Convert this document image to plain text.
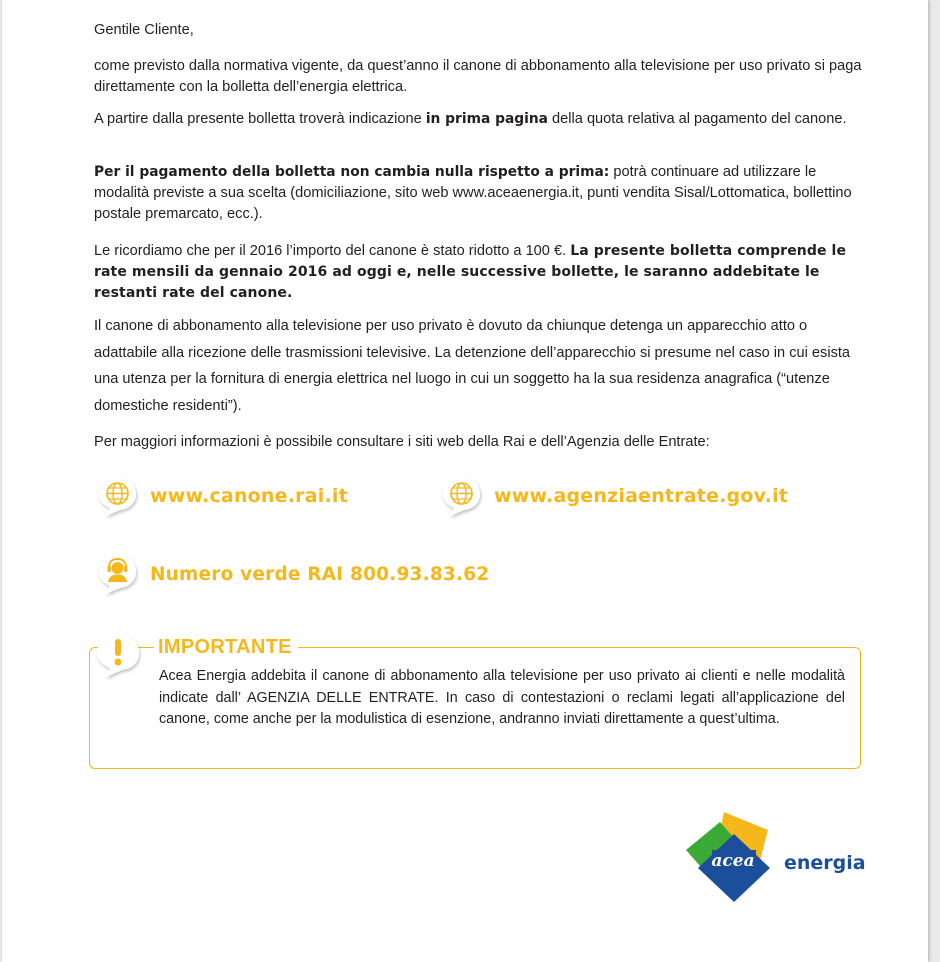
Gentile Cliente,
come previsto dalla normativa vigente, da quest’anno il canone di abbonamento alla televisione per uso privato si paga direttamente con la bolletta dell’energia elettrica.
A partire dalla presente bolletta troverà indicazione in prima pagina della quota relativa al pagamento del canone.
Per il pagamento della bolletta non cambia nulla rispetto a prima: potrà continuare ad utilizzare le modalità previste a sua scelta (domiciliazione, sito web www.aceaenergia.it, punti vendita Sisal/Lottomatica, bollettino postale premarcato, ecc.).
Le ricordiamo che per il 2016 l’importo del canone è stato ridotto a 100 €. La presente bolletta comprende le rate mensili da gennaio 2016 ad oggi e, nelle successive bollette, le saranno addebitate le restanti rate del canone.
Il canone di abbonamento alla televisione per uso privato è dovuto da chiunque detenga un apparecchio atto o adattabile alla ricezione delle trasmissioni televisive. La detenzione dell’apparecchio si presume nel caso in cui esista una utenza per la fornitura di energia elettrica nel luogo in cui un soggetto ha la sua residenza anagrafica (“utenze domestiche residenti”).
Per maggiori informazioni è possibile consultare i siti web della Rai e dell’Agenzia delle Entrate:
www.canone.rai.it	www.agenziaentrate.gov.it
Numero verde RAI 800.93.83.62
IMPORTANTE
Acea Energia addebita il canone di abbonamento alla televisione per uso privato ai clienti e nelle modalità indicate dall’ AGENZIA DELLE ENTRATE. In caso di contestazioni o reclami legati all’applicazione del canone, come anche per la modulistica di esenzione, andranno inviati direttamente a quest’ultima.
acea energia
